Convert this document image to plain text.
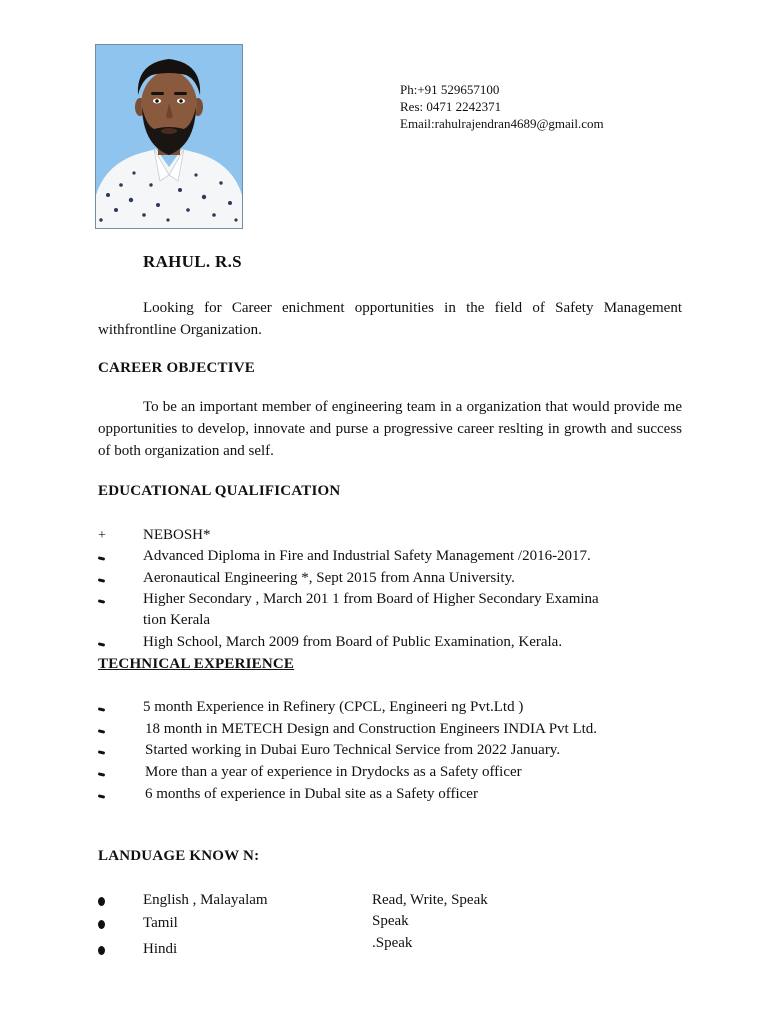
Ph:+91 529657100
Res: 0471 2242371
Email:rahulrajendran4689@gmail.com
RAHUL. R.S
Looking for Career enichment opportunities in the field of Safety Management withfrontline Organization.
CAREER OBJECTIVE
To be an important member of engineering team in a organization that would provide me opportunities to develop, innovate and purse a progressive career reslting in growth and success of both organization and self.
EDUCATIONAL QUALIFICATION
+	NEBOSH*
Advanced Diploma in Fire and Industrial Safety Management /2016-2017.
Aeronautical Engineering *, Sept 2015 from Anna University.
Higher Secondary , March 201 1 from Board of Higher Secondary Examina
tion Kerala
High School, March 2009 from Board of Public Examination, Kerala.
TECHNICAL EXPERIENCE
5 month Experience in Refinery (CPCL, Engineeri ng Pvt.Ltd )
18 month in METECH Design and Construction Engineers INDIA Pvt Ltd.
Started working in Dubai Euro Technical Service from 2022 January.
More than a year of experience in Drydocks as a Safety officer
6 months of experience in Dubal site as a Safety officer
LANDUAGE KNOW N:
English , Malayalam	Read, Write, Speak
Tamil	Speak
Hindi	.Speak
